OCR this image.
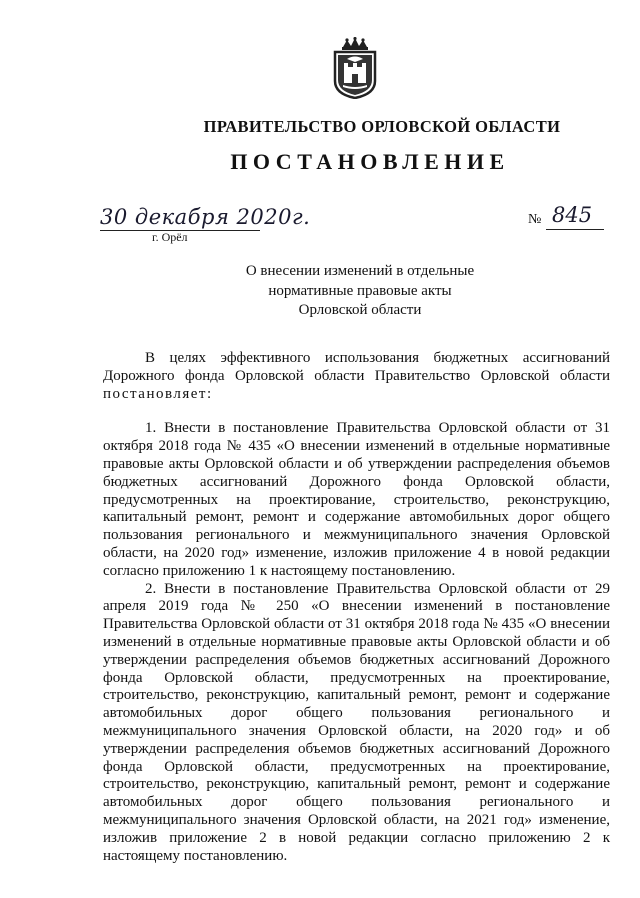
ПРАВИТЕЛЬСТВО ОРЛОВСКОЙ ОБЛАСТИ
ПОСТАНОВЛЕНИЕ
30 декабря 2020г.
г. Орёл
№ 845
О внесении изменений в отдельные
нормативные правовые акты
Орловской области

В целях эффективного использования бюджетных ассигнований Дорожного фонда Орловской области Правительство Орловской области постановляет:

1. Внести в постановление Правительства Орловской области от 31 октября 2018 года № 435 «О внесении изменений в отдельные нормативные правовые акты Орловской области и об утверждении распределения объемов бюджетных ассигнований Дорожного фонда Орловской области, предусмотренных на проектирование, строительство, реконструкцию, капитальный ремонт, ремонт и содержание автомобильных дорог общего пользования регионального и межмуниципального значения Орловской области, на 2020 год» изменение, изложив приложение 4 в новой редакции согласно приложению 1 к настоящему постановлению.

2. Внести в постановление Правительства Орловской области от 29 апреля 2019 года № 250 «О внесении изменений в постановление Правительства Орловской области от 31 октября 2018 года № 435 «О внесении изменений в отдельные нормативные правовые акты Орловской области и об утверждении распределения объемов бюджетных ассигнований Дорожного фонда Орловской области, предусмотренных на проектирование, строительство, реконструкцию, капитальный ремонт, ремонт и содержание автомобильных дорог общего пользования регионального и межмуниципального значения Орловской области, на 2020 год» и об утверждении распределения объемов бюджетных ассигнований Дорожного фонда Орловской области, предусмотренных на проектирование, строительство, реконструкцию, капитальный ремонт, ремонт и содержание автомобильных дорог общего пользования регионального и межмуниципального значения Орловской области, на 2021 год» изменение, изложив приложение 2 в новой редакции согласно приложению 2 к настоящему постановлению.
